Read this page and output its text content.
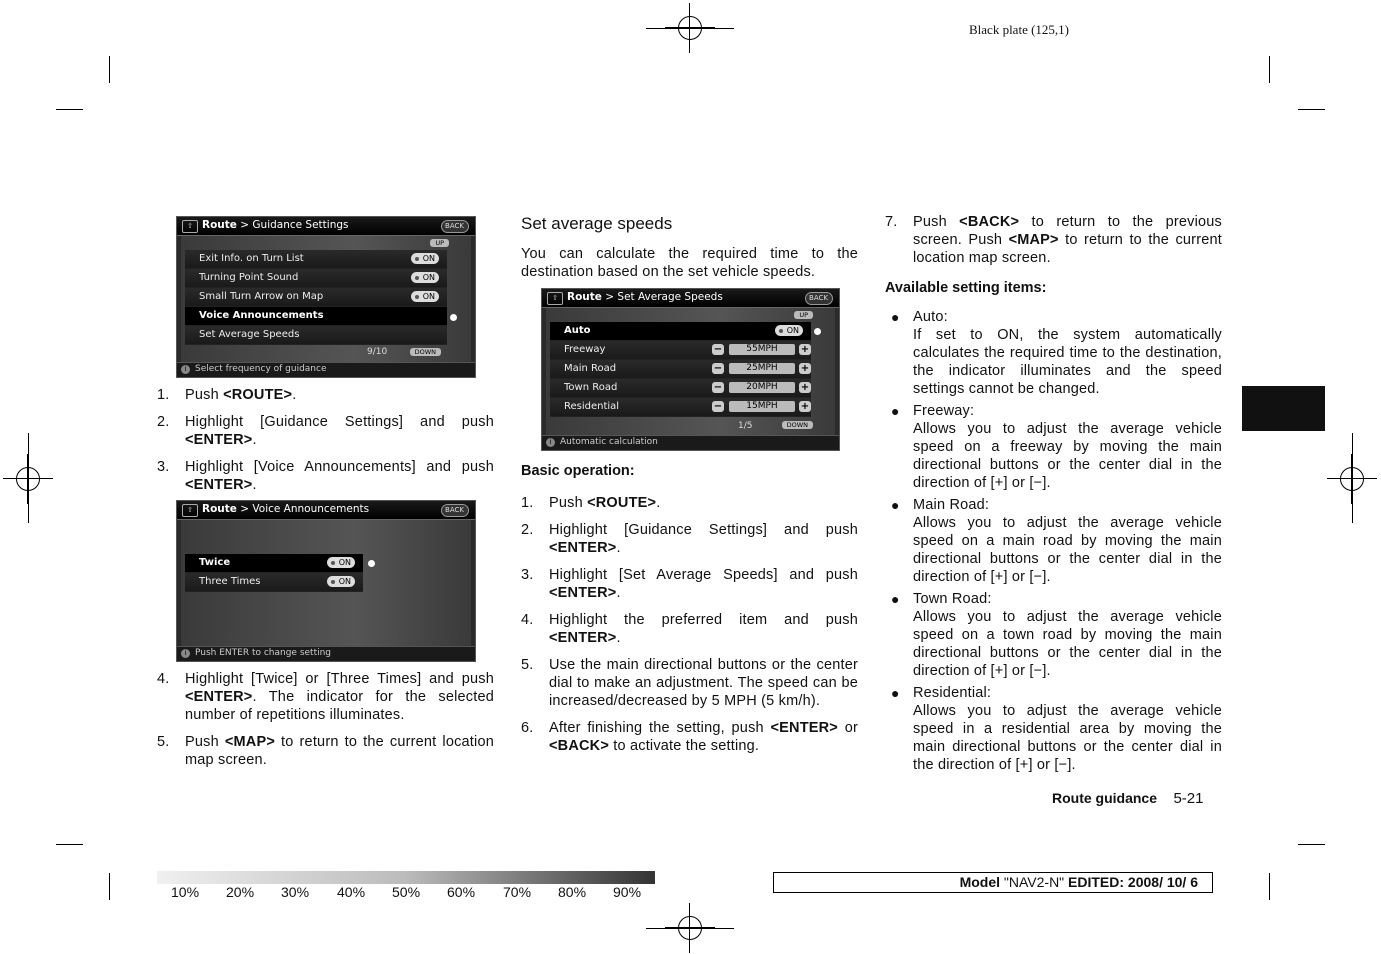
Black plate (125,1)
⇧ Route > Guidance Settings	BACK
UP
Exit Info. on Turn List	ON
Turning Point Sound	ON
Small Turn Arrow on Map	ON
Voice Announcements
Set Average Speeds
9/10	DOWN
i Select frequency of guidance
1. Push <ROUTE>.
2. Highlight [Guidance Settings] and push <ENTER>.
3. Highlight [Voice Announcements] and push <ENTER>.
⇧ Route > Voice Announcements	BACK
Twice	ON
Three Times	ON
i Push ENTER to change setting
4. Highlight [Twice] or [Three Times] and push <ENTER>. The indicator for the selected number of repetitions illuminates.
5. Push <MAP> to return to the current location map screen.
Set average speeds
You can calculate the required time to the destination based on the set vehicle speeds.
⇧ Route > Set Average Speeds	BACK
UP
Auto	ON
Freeway	−	55MPH	+
Main Road	−	25MPH	+
Town Road	−	20MPH	+
Residential	−	15MPH	+
1/5	DOWN
i Automatic calculation
Basic operation:
1. Push <ROUTE>.
2. Highlight [Guidance Settings] and push <ENTER>.
3. Highlight [Set Average Speeds] and push <ENTER>.
4. Highlight the preferred item and push <ENTER>.
5. Use the main directional buttons or the center dial to make an adjustment. The speed can be increased/decreased by 5 MPH (5 km/h).
6. After finishing the setting, push <ENTER> or <BACK> to activate the setting.
7. Push <BACK> to return to the previous screen. Push <MAP> to return to the current location map screen.
Available setting items:
● Auto:
If set to ON, the system automatically calculates the required time to the destination, the indicator illuminates and the speed settings cannot be changed.
● Freeway:
Allows you to adjust the average vehicle speed on a freeway by moving the main directional buttons or the center dial in the direction of [+] or [−].
● Main Road:
Allows you to adjust the average vehicle speed on a main road by moving the main directional buttons or the center dial in the direction of [+] or [−].
● Town Road:
Allows you to adjust the average vehicle speed on a town road by moving the main directional buttons or the center dial in the direction of [+] or [−].
● Residential:
Allows you to adjust the average vehicle speed in a residential area by moving the main directional buttons or the center dial in the direction of [+] or [−].
Route guidance 5-21
10% 20% 30% 40% 50% 60% 70% 80% 90%
Model "NAV2-N" EDITED: 2008/ 10/ 6
